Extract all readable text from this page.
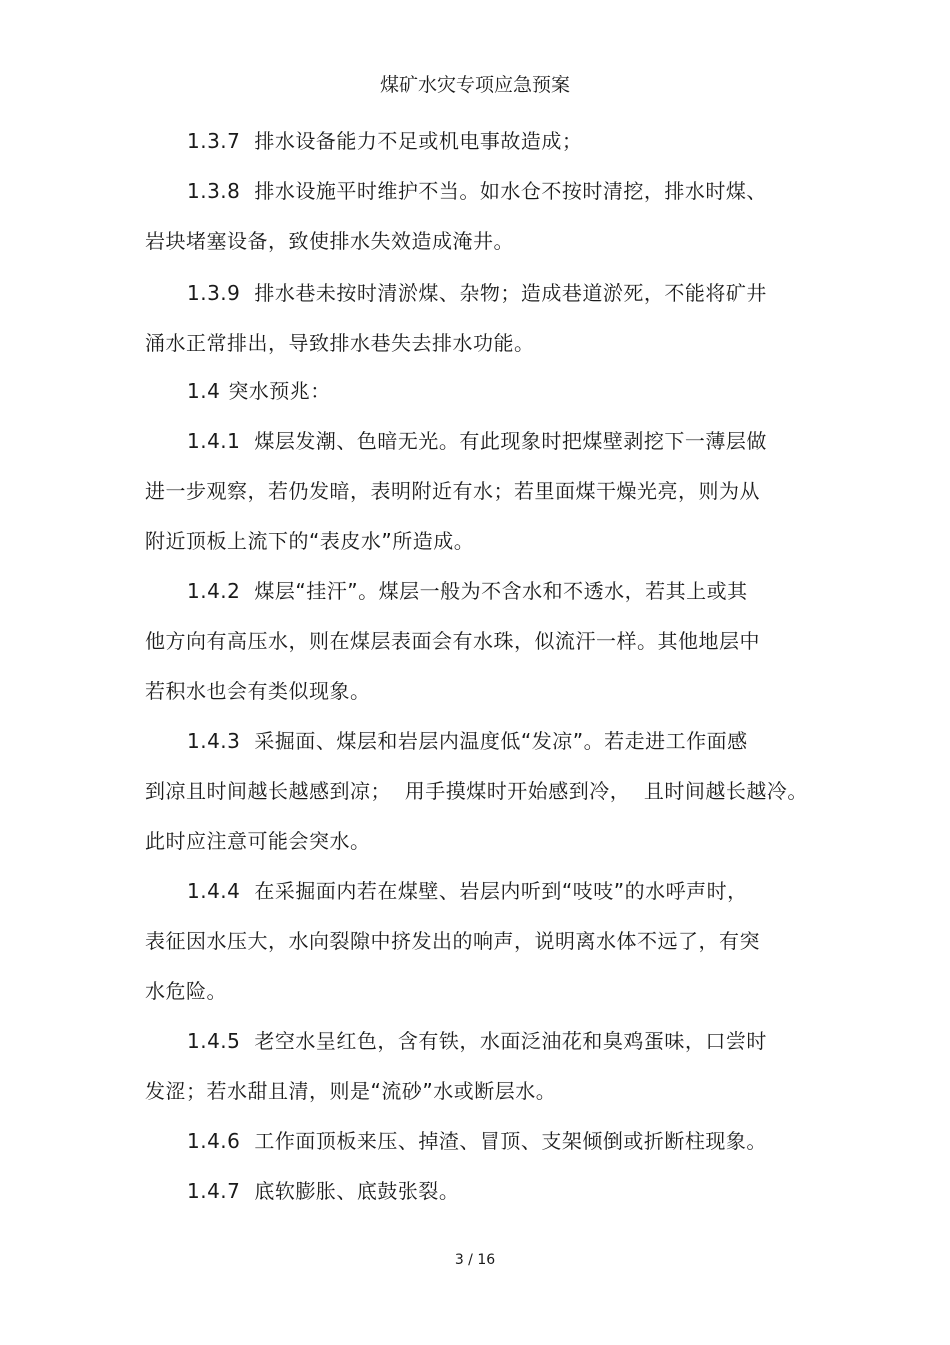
煤矿水灾专项应急预案
1.3.7 排水设备能力不足或机电事故造成；
1.3.8 排水设施平时维护不当。如水仓不按时清挖，排水时煤、
岩块堵塞设备，致使排水失效造成淹井。
1.3.9 排水巷未按时清淤煤、杂物；造成巷道淤死，不能将矿井
涌水正常排出，导致排水巷失去排水功能。
1.4 突水预兆：
1.4.1 煤层发潮、色暗无光。有此现象时把煤壁剥挖下一薄层做
进一步观察，若仍发暗，表明附近有水；若里面煤干燥光亮，则为从
附近顶板上流下的“表皮水”所造成。
1.4.2 煤层“挂汗”。煤层一般为不含水和不透水，若其上或其
他方向有高压水，则在煤层表面会有水珠，似流汗一样。其他地层中
若积水也会有类似现象。
1.4.3 采掘面、煤层和岩层内温度低“发凉”。若走进工作面感
到凉且时间越长越感到凉；  用手摸煤时开始感到冷，  且时间越长越冷。
此时应注意可能会突水。
1.4.4 在采掘面内若在煤壁、岩层内听到“吱吱”的水呼声时，
表征因水压大，水向裂隙中挤发出的响声，说明离水体不远了，有突
水危险。
1.4.5 老空水呈红色，含有铁，水面泛油花和臭鸡蛋味，口尝时
发涩；若水甜且清，则是“流砂”水或断层水。
1.4.6 工作面顶板来压、掉渣、冒顶、支架倾倒或折断柱现象。
1.4.7 底软膨胀、底鼓张裂。
3 / 16
